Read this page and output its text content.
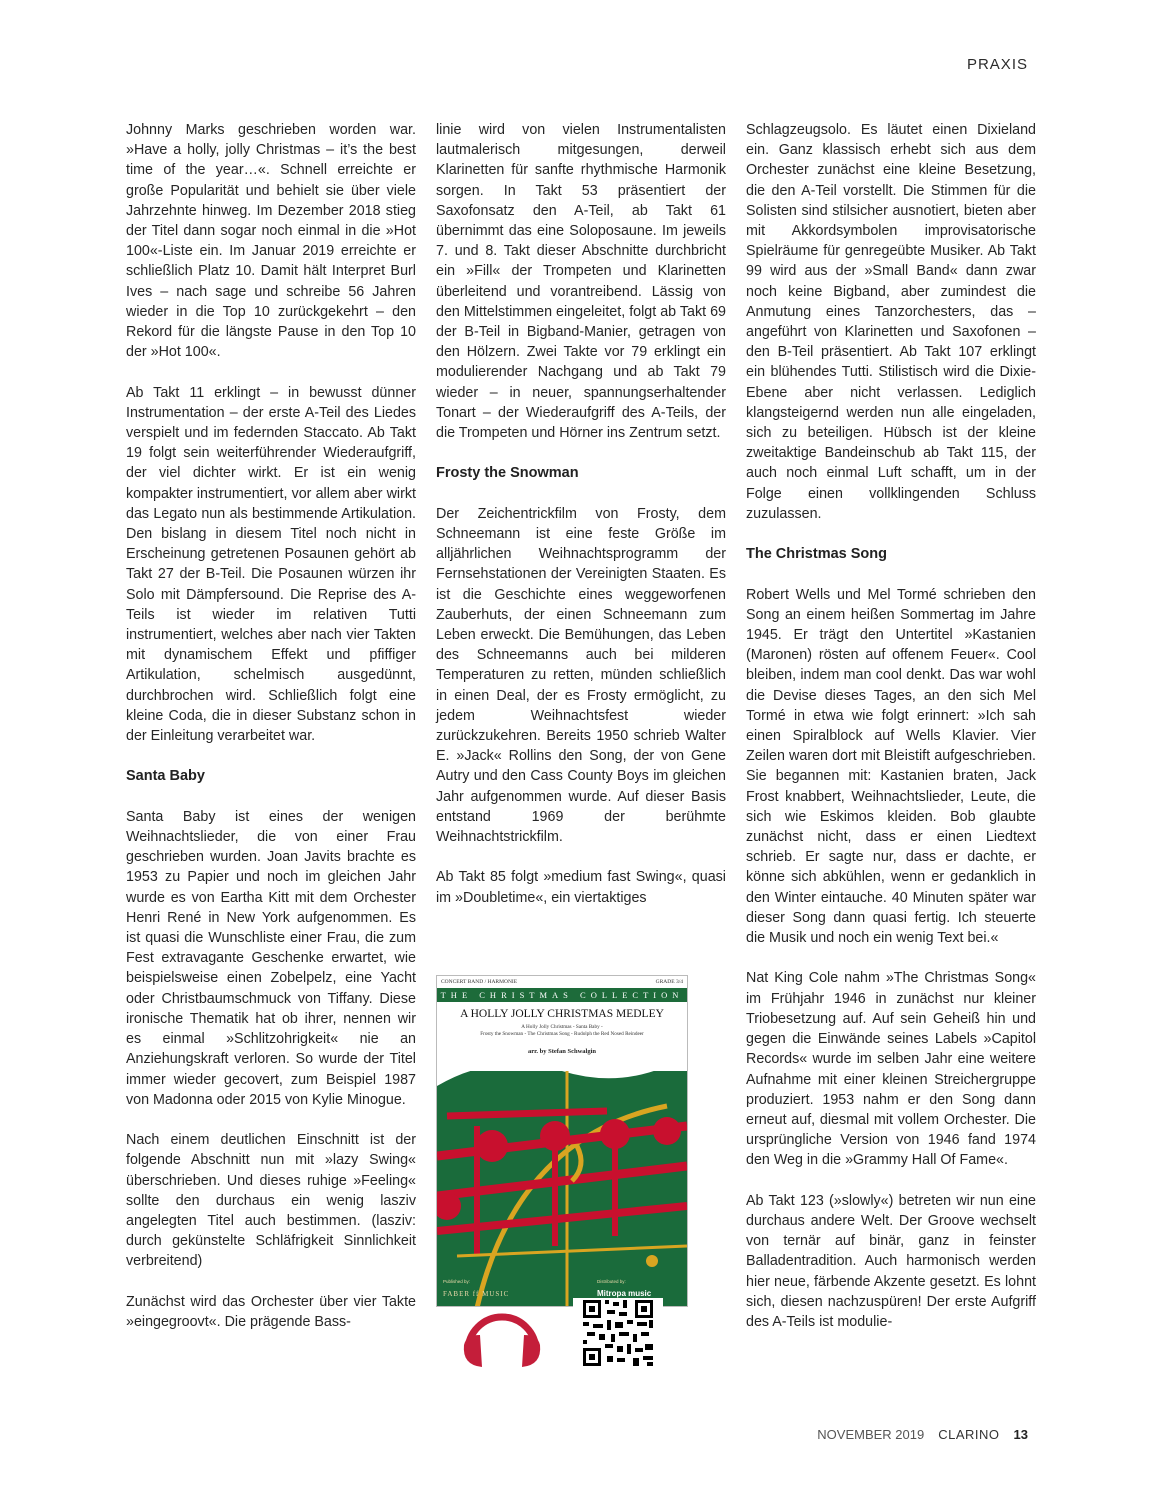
PRAXIS

Johnny Marks geschrieben worden war. »Have a holly, jolly Christmas – it’s the best time of the year…«. Schnell erreichte er große Popularität und behielt sie über viele Jahrzehnte hinweg. Im Dezember 2018 stieg der Titel dann sogar noch einmal in die »Hot 100«-Liste ein. Im Januar 2019 erreichte er schließlich Platz 10. Damit hält Interpret Burl Ives – nach sage und schreibe 56 Jahren wieder in die Top 10 zurückgekehrt – den Rekord für die längste Pause in den Top 10 der »Hot 100«.

Ab Takt 11 erklingt – in bewusst dünner Instrumentation – der erste A-Teil des Liedes verspielt und im federnden Staccato. Ab Takt 19 folgt sein weiterführender Wiederaufgriff, der viel dichter wirkt. Er ist ein wenig kompakter instrumentiert, vor allem aber wirkt das Legato nun als bestimmende Artikulation. Den bislang in diesem Titel noch nicht in Erscheinung getretenen Posaunen gehört ab Takt 27 der B-Teil. Die Posaunen würzen ihr Solo mit Dämpfersound. Die Reprise des A-Teils ist wieder im relativen Tutti instrumentiert, welches aber nach vier Takten mit dynamischem Effekt und pfiffiger Artikulation, schelmisch ausgedünnt, durchbrochen wird. Schließlich folgt eine kleine Coda, die in dieser Substanz schon in der Einleitung verarbeitet war.

Santa Baby

Santa Baby ist eines der wenigen Weihnachtslieder, die von einer Frau geschrieben wurden. Joan Javits brachte es 1953 zu Papier und noch im gleichen Jahr wurde es von Eartha Kitt mit dem Orchester Henri René in New York aufgenommen. Es ist quasi die Wunschliste einer Frau, die zum Fest extravagante Geschenke erwartet, wie beispielsweise einen Zobelpelz, eine Yacht oder Christbaumschmuck von Tiffany. Diese ironische Thematik hat ob ihrer, nennen wir es einmal »Schlitzohrigkeit« nie an Anziehungskraft verloren. So wurde der Titel immer wieder gecovert, zum Beispiel 1987 von Madonna oder 2015 von Kylie Minogue.

Nach einem deutlichen Einschnitt ist der folgende Abschnitt nun mit »lazy Swing« überschrieben. Und dieses ruhige »Feeling« sollte den durchaus ein wenig lasziv angelegten Titel auch bestimmen. (lasziv: durch gekünstelte Schläfrigkeit Sinnlichkeit verbreitend)

Zunächst wird das Orchester über vier Takte »eingegroovt«. Die prägende Bass-

linie wird von vielen Instrumentalisten lautmalerisch mitgesungen, derweil Klarinetten für sanfte rhythmische Harmonik sorgen. In Takt 53 präsentiert der Saxofonsatz den A-Teil, ab Takt 61 übernimmt das eine Soloposaune. Im jeweils 7. und 8. Takt dieser Abschnitte durchbricht ein »Fill« der Trompeten und Klarinetten überleitend und vorantreibend. Lässig von den Mittelstimmen eingeleitet, folgt ab Takt 69 der B-Teil in Bigband-Manier, getragen von den Hölzern. Zwei Takte vor 79 erklingt ein modulierender Nachgang und ab Takt 79 wieder – in neuer, spannungserhaltender Tonart – der Wiederaufgriff des A-Teils, der die Trompeten und Hörner ins Zentrum setzt.

Frosty the Snowman

Der Zeichentrickfilm von Frosty, dem Schneemann ist eine feste Größe im alljährlichen Weihnachtsprogramm der Fernsehstationen der Vereinigten Staaten. Es ist die Geschichte eines weggeworfenen Zauberhuts, der einen Schneemann zum Leben erweckt. Die Bemühungen, das Leben des Schneemanns auch bei milderen Temperaturen zu retten, münden schließlich in einen Deal, der es Frosty ermöglicht, zu jedem Weihnachtsfest wieder zurückzukehren. Bereits 1950 schrieb Walter E. »Jack« Rollins den Song, der von Gene Autry und den Cass County Boys im gleichen Jahr aufgenommen wurde. Auf dieser Basis entstand 1969 der berühmte Weihnachtstrickfilm.

Ab Takt 85 folgt »medium fast Swing«, quasi im »Doubletime«, ein viertaktiges

Schlagzeugsolo. Es läutet einen Dixieland ein. Ganz klassisch erhebt sich aus dem Orchester zunächst eine kleine Besetzung, die den A-Teil vorstellt. Die Stimmen für die Solisten sind stilsicher ausnotiert, bieten aber mit Akkordsymbolen improvisatorische Spielräume für genregeübte Musiker. Ab Takt 99 wird aus der »Small Band« dann zwar noch keine Bigband, aber zumindest die Anmutung eines Tanzorchesters, das – angeführt von Klarinetten und Saxofonen – den B-Teil präsentiert. Ab Takt 107 erklingt ein blühendes Tutti. Stilistisch wird die Dixie-Ebene aber nicht verlassen. Lediglich klangsteigernd werden nun alle eingeladen, sich zu beteiligen. Hübsch ist der kleine zweitaktige Bandeinschub ab Takt 115, der auch noch einmal Luft schafft, um in der Folge einen vollklingenden Schluss zuzulassen.

The Christmas Song

Robert Wells und Mel Tormé schrieben den Song an einem heißen Sommertag im Jahre 1945. Er trägt den Untertitel »Kastanien (Maronen) rösten auf offenem Feuer«. Cool bleiben, indem man cool denkt. Das war wohl die Devise dieses Tages, an den sich Mel Tormé in etwa wie folgt erinnert: »Ich sah einen Spiralblock auf Wells Klavier. Vier Zeilen waren dort mit Bleistift aufgeschrieben. Sie begannen mit: Kastanien braten, Jack Frost knabbert, Weihnachtslieder, Leute, die sich wie Eskimos kleiden. Bob glaubte zunächst nicht, dass er einen Liedtext schrieb. Er sagte nur, dass er dachte, er könne sich abkühlen, wenn er gedanklich in den Winter eintauche. 40 Minuten später war dieser Song dann quasi fertig. Ich steuerte die Musik und noch ein wenig Text bei.«

Nat King Cole nahm »The Christmas Song« im Frühjahr 1946 in zunächst nur kleiner Triobesetzung auf. Auf sein Geheiß hin und gegen die Einwände seines Labels »Capitol Records« wurde im selben Jahr eine weitere Aufnahme mit einer kleinen Streichergruppe produziert. 1953 nahm er den Song dann erneut auf, diesmal mit vollem Orchester. Die ursprüngliche Version von 1946 fand 1974 den Weg in die »Grammy Hall Of Fame«.

Ab Takt 123 (»slowly«) betreten wir nun eine durchaus andere Welt. Der Groove wechselt von ternär auf binär, ganz in feinster Balladentradition. Auch harmonisch werden hier neue, färbende Akzente gesetzt. Es lohnt sich, diesen nachzuspüren! Der erste Aufgriff des A-Teils ist modulie-

CONCERT BAND / HARMONIE	GRADE 3/4
THE CHRISTMAS COLLECTION
A HOLLY JOLLY CHRISTMAS MEDLEY
A Holly Jolly Christmas - Santa Baby -
Frosty the Snowman - The Christmas Song - Rudolph the Red Nosed Reindeer
arr. by Stefan Schwalgin
Published by:
FABER ff MUSIC
Distributed by:
Mitropa music
NOVEMBER 2019 CLARINO 13
